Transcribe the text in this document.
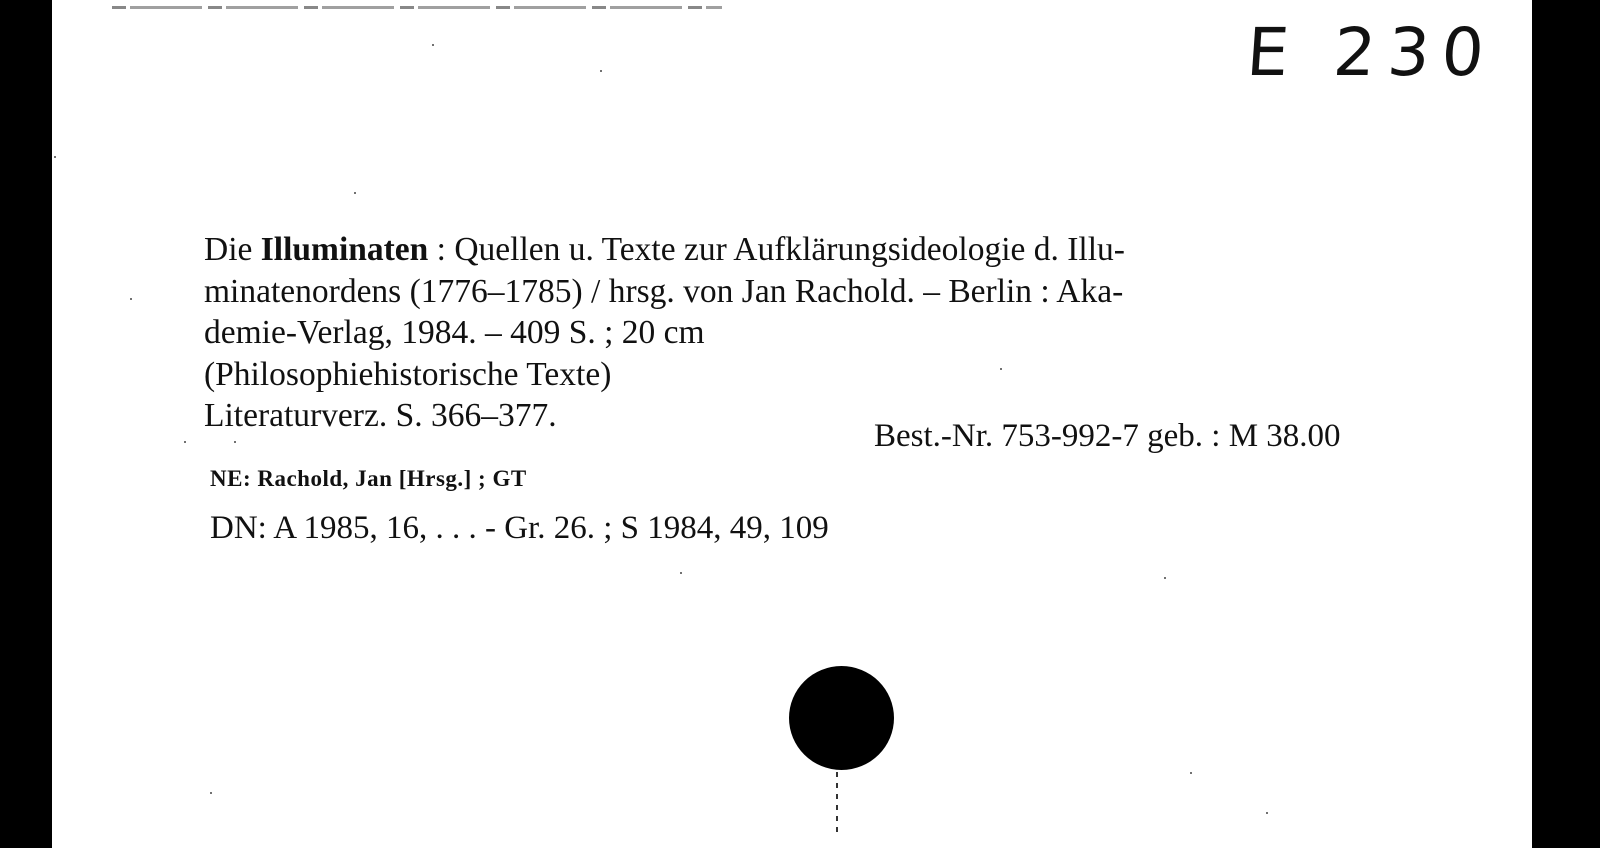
E 230
Die Illuminaten : Quellen u. Texte zur Aufklärungsideologie d. Illu-
minatenordens (1776–1785) / hrsg. von Jan Rachold. – Berlin : Aka-
demie-Verlag, 1984. – 409 S. ; 20 cm
(Philosophiehistorische Texte)
Literaturverz. S. 366–377.
Best.-Nr. 753-992-7 geb. : M 38.00
NE: Rachold, Jan [Hrsg.] ; GT
DN: A 1985, 16, . . . - Gr. 26. ; S 1984, 49, 109
